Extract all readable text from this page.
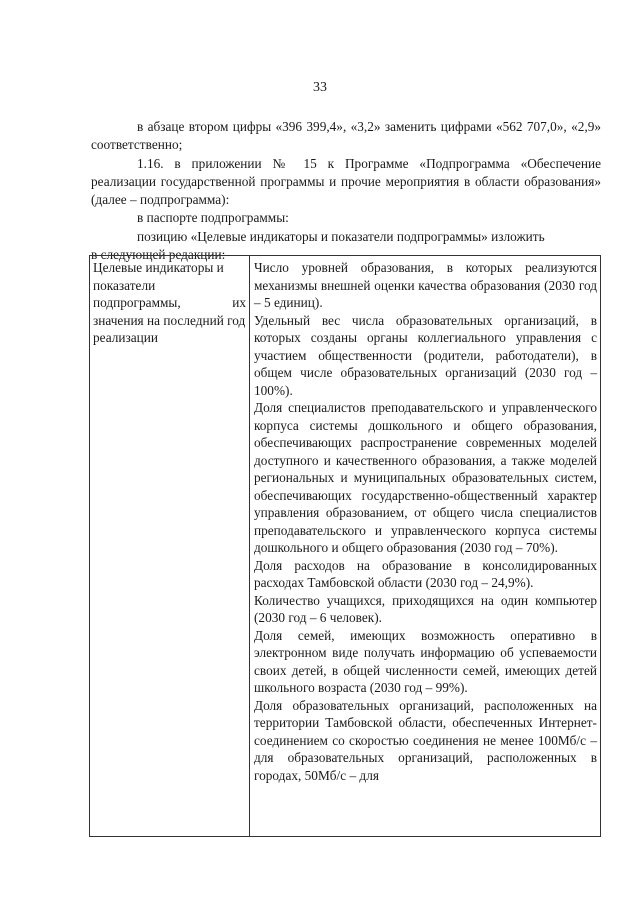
33

в абзаце втором цифры «396 399,4», «3,2» заменить цифрами «562 707,0», «2,9» соответственно;

1.16. в приложении № 15 к Программе «Подпрограмма «Обеспечение реализации государственной программы и прочие мероприятия в области образования» (далее – подпрограмма):

в паспорте подпрограммы:

позицию «Целевые индикаторы и показатели подпрограммы» изложить

в следующей редакции:

Целевые индикаторы и показатели
подпрограммы, их
значения на последний год реализации

Число уровней образования, в которых реализуются механизмы внешней оценки качества образования (2030 год – 5 единиц).

Удельный вес числа образовательных организаций, в которых созданы органы коллегиального управления с участием общественности (родители, работодатели), в общем числе образовательных организаций (2030 год – 100%).

Доля специалистов преподавательского и управленческого корпуса системы дошкольного и общего образования, обеспечивающих распространение современных моделей доступного и качественного образования, а также моделей региональных и муниципальных образовательных систем, обеспечивающих государственно-общественный характер управления образованием, от общего числа специалистов преподавательского и управленческого корпуса системы дошкольного и общего образования (2030 год – 70%).

Доля расходов на образование в консолидированных расходах Тамбовской области (2030 год – 24,9%).

Количество учащихся, приходящихся на один компьютер (2030 год – 6 человек).

Доля семей, имеющих возможность оперативно в электронном виде получать информацию об успеваемости своих детей, в общей численности семей, имеющих детей школьного возраста (2030 год – 99%).

Доля образовательных организаций, расположенных на территории Тамбовской области, обеспеченных Интернет-соединением со скоростью соединения не менее 100Мб/с – для образовательных организаций, расположенных в городах, 50Мб/с – для
